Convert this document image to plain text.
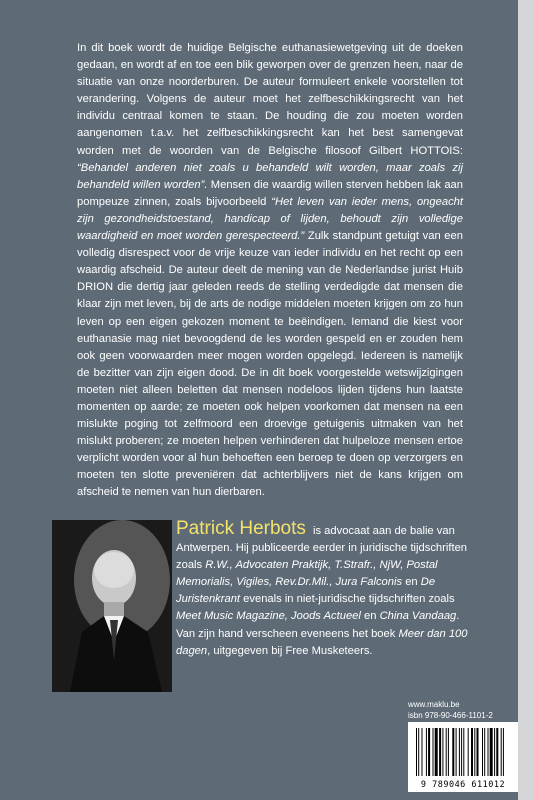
In dit boek wordt de huidige Belgische euthanasiewetgeving uit de doeken gedaan, en wordt af en toe een blik geworpen over de grenzen heen, naar de situatie van onze noorderburen. De auteur formuleert enkele voorstellen tot verandering. Volgens de auteur moet het zelfbeschikkingsrecht van het individu centraal komen te staan. De houding die zou moeten worden aangenomen t.a.v. het zelfbeschikkingsrecht kan het best samengevat worden met de woorden van de Belgische filosoof Gilbert HOTTOIS: “Behandel anderen niet zoals u behandeld wilt worden, maar zoals zij behandeld willen worden”. Mensen die waardig willen sterven hebben lak aan pompeuze zinnen, zoals bijvoorbeeld “Het leven van ieder mens, ongeacht zijn gezondheidstoestand, handicap of lijden, behoudt zijn volledige waardigheid en moet worden gerespecteerd.” Zulk standpunt getuigt van een volledig disrespect voor de vrije keuze van ieder individu en het recht op een waardig afscheid. De auteur deelt de mening van de Nederlandse jurist Huib DRION die dertig jaar geleden reeds de stelling verdedigde dat mensen die klaar zijn met leven, bij de arts de nodige middelen moeten krijgen om zo hun leven op een eigen gekozen moment te beëindigen. Iemand die kiest voor euthanasie mag niet bevoogdend de les worden gespeld en er zouden hem ook geen voorwaarden meer mogen worden opgelegd. Iedereen is namelijk de bezitter van zijn eigen dood. De in dit boek voorgestelde wetswijzigingen moeten niet alleen beletten dat mensen nodeloos lijden tijdens hun laatste momenten op aarde; ze moeten ook helpen voorkomen dat mensen na een mislukte poging tot zelfmoord een droevige getuigenis uitmaken van het mislukt proberen; ze moeten helpen verhinderen dat hulpeloze mensen ertoe verplicht worden voor al hun behoeften een beroep te doen op verzorgers en moeten ten slotte preveniëren dat achterblijvers niet de kans krijgen om afscheid te nemen van hun dierbaren.

Patrick Herbots is advocaat aan de balie van Antwerpen. Hij publiceerde eerder in juridische tijdschriften zoals R.W., Advocaten Praktijk, T.Strafr., NjW, Postal Memorialis, Vigiles, Rev.Dr.Mil., Jura Falconis en De Juristenkrant evenals in niet-juridische tijdschriften zoals Meet Music Magazine, Joods Actueel en China Vandaag. Van zijn hand verscheen eveneens het boek Meer dan 100 dagen, uitgegeven bij Free Musketeers.

www.maklu.be
isbn 978-90-466-1101-2
9 789046 611012
